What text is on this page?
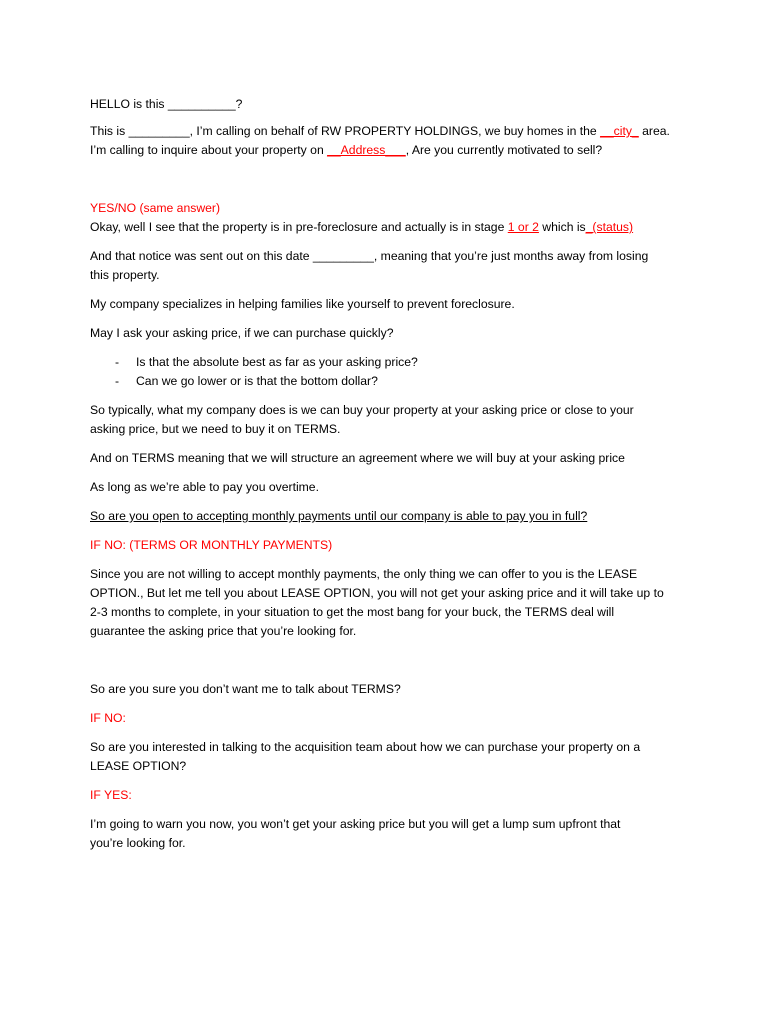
HELLO is this __________?

This is _________, I’m calling on behalf of RW PROPERTY HOLDINGS, we buy homes in the __city_ area.

I’m calling to inquire about your property on __Address___, Are you currently motivated to sell?

YES/NO (same answer)

Okay, well I see that the property is in pre-foreclosure and actually is in stage 1 or 2 which is_(status)

And that notice was sent out on this date _________, meaning that you’re just months away from losing

this property.

My company specializes in helping families like yourself to prevent foreclosure.

May I ask your asking price, if we can purchase quickly?

- Is that the absolute best as far as your asking price?
- Can we go lower or is that the bottom dollar?

So typically, what my company does is we can buy your property at your asking price or close to your

asking price, but we need to buy it on TERMS.

And on TERMS meaning that we will structure an agreement where we will buy at your asking price

As long as we’re able to pay you overtime.

So are you open to accepting monthly payments until our company is able to pay you in full?

IF NO: (TERMS OR MONTHLY PAYMENTS)

Since you are not willing to accept monthly payments, the only thing we can offer to you is the LEASE

OPTION., But let me tell you about LEASE OPTION, you will not get your asking price and it will take up to

2-3 months to complete, in your situation to get the most bang for your buck, the TERMS deal will

guarantee the asking price that you’re looking for.

So are you sure you don’t want me to talk about TERMS?

IF NO:

So are you interested in talking to the acquisition team about how we can purchase your property on a

LEASE OPTION?

IF YES:

I’m going to warn you now, you won’t get your asking price but you will get a lump sum upfront that

you’re looking for.
